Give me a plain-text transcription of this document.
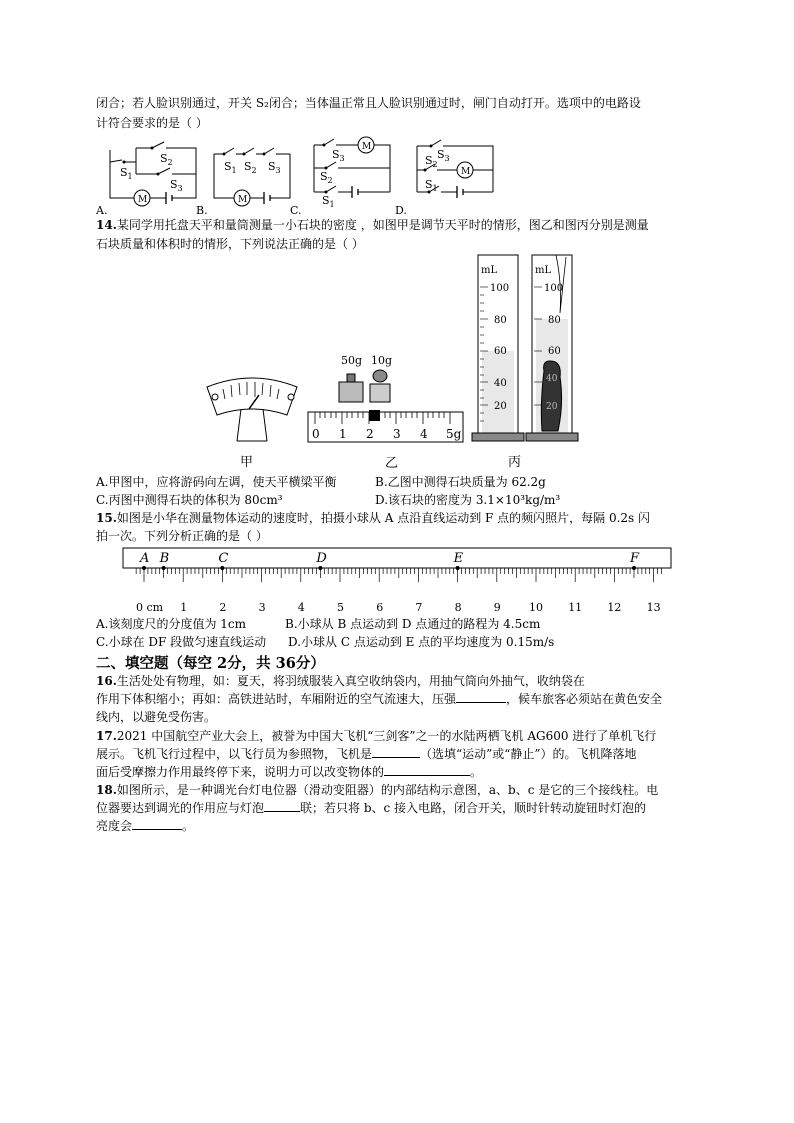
闭合；若人脸识别通过，开关 S₂闭合；当体温正常且人脸识别通过时，闸门自动打开。选项中的电路设
计符合要求的是（ ）
$S_1$
$S_2$
$S_3$
M
A.
$S_1$ $S_2$ $S_3$
M
B.
$S_3$
$S_2$
$S_1$
M
C.
$S_3$
$S_2$
$S_1$
M
D.
14.某同学用托盘天平和量筒测量一小石块的密度 ，如图甲是调节天平时的情形，图乙和图丙分别是测量
石块质量和体积时的情形，下列说法正确的是（ ）
50g 10g
0 1 2 3 4 5g
mL
100
80
60
40
20
mL
100
80
60
40
20
甲	乙	丙
A.甲图中，应将游码向左调，使天平横梁平衡	B.乙图中测得石块质量为 62.2g
C.丙图中测得石块的体积为 80cm³	D.该石块的密度为 3.1×10³kg/m³
15.如图是小华在测量物体运动的速度时，拍摄小球从 A 点沿直线运动到 F 点的频闪照片，每隔 0.2s 闪
拍一次。下列分析正确的是（ ）
A B	C	D	E	F
0 cm 1	2	3	4	5	6	7	8	9	10 11 12 13
A.该刻度尺的分度值为 1cm	B.小球从 B 点运动到 D 点通过的路程为 4.5cm
C.小球在 DF 段做匀速直线运动 D.小球从 C 点运动到 E 点的平均速度为 0.15m/s
二、填空题（每空 2分，共 36分）
16.生活处处有物理，如：夏天，将羽绒服装入真空收纳袋内，用抽气筒向外抽气，收纳袋在
作用下体积缩小；再如：高铁进站时，车厢附近的空气流速大，压强	，候车旅客必须站在黄色安全
线内，以避免受伤害。
17.2021 中国航空产业大会上，被誉为中国大飞机“三剑客”之一的水陆两栖飞机 AG600 进行了单机飞行
展示。飞机飞行过程中，以飞行员为参照物，飞机是	（选填“运动”或“静止”）的。飞机降落地
面后受摩擦力作用最终停下来，说明力可以改变物体的	。
18.如图所示，是一种调光台灯电位器（滑动变阻器）的内部结构示意图，a、b、c 是它的三个接线柱。电
位器要达到调光的作用应与灯泡	联；若只将 b、c 接入电路，闭合开关，顺时针转动旋钮时灯泡的
亮度会	。
